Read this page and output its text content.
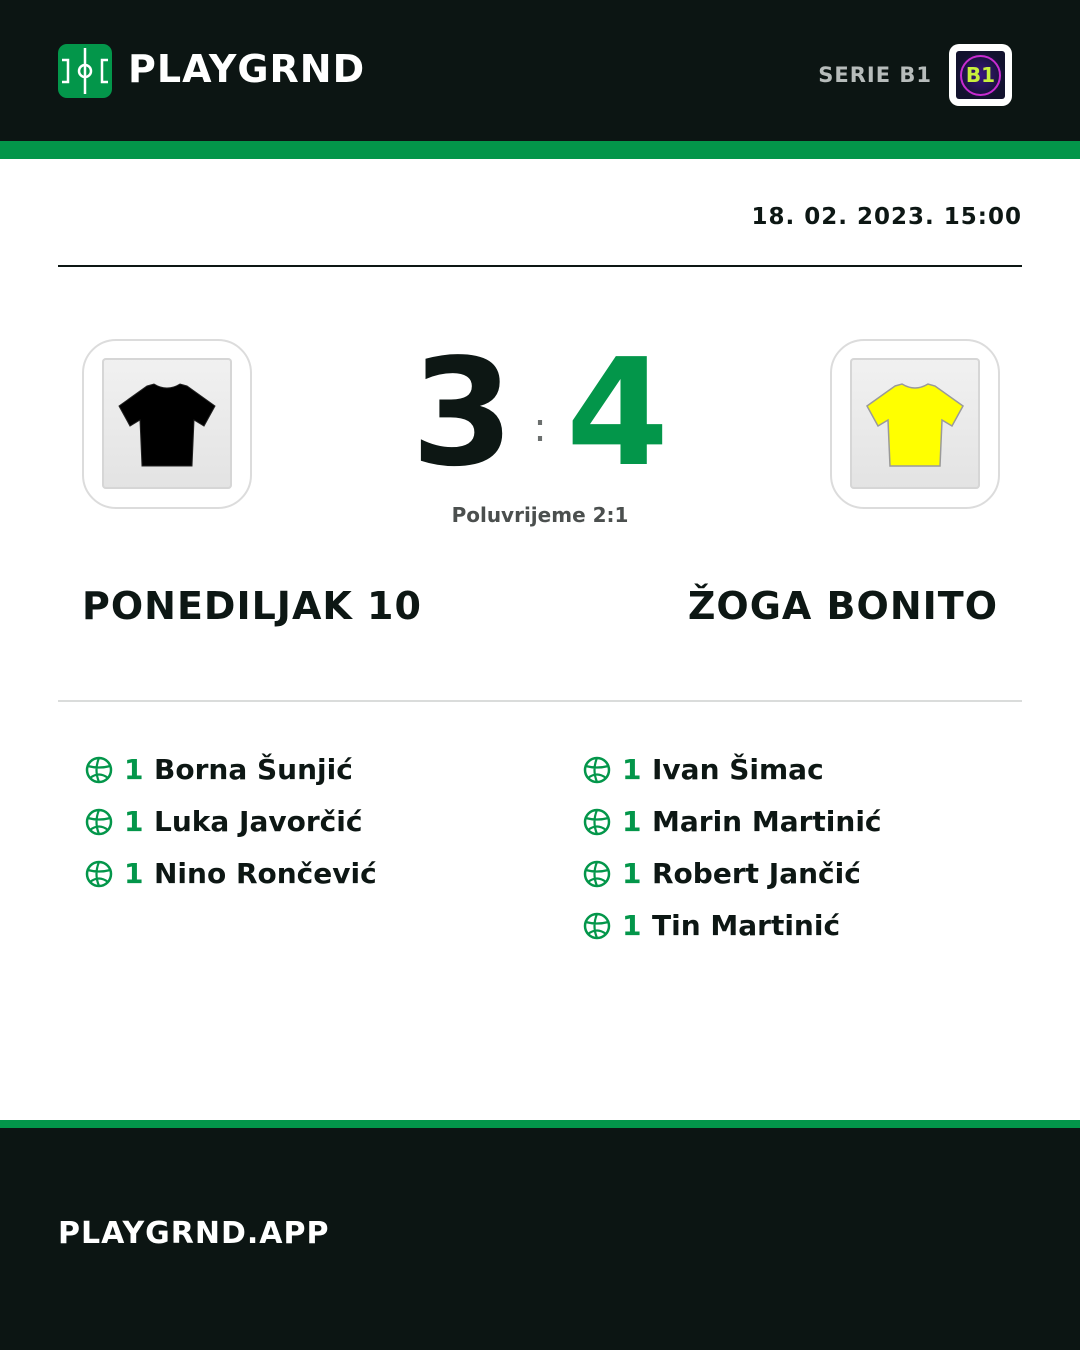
PLAYGRND	SERIE B1	B1
18. 02. 2023. 15:00
3 : 4
Poluvrijeme 2:1
PONEDILJAK 10	ŽOGA BONITO
1 Borna Šunjić
1 Luka Javorčić
1 Nino Rončević
1 Ivan Šimac
1 Marin Martinić
1 Robert Jančić
1 Tin Martinić
PLAYGRND.APP
